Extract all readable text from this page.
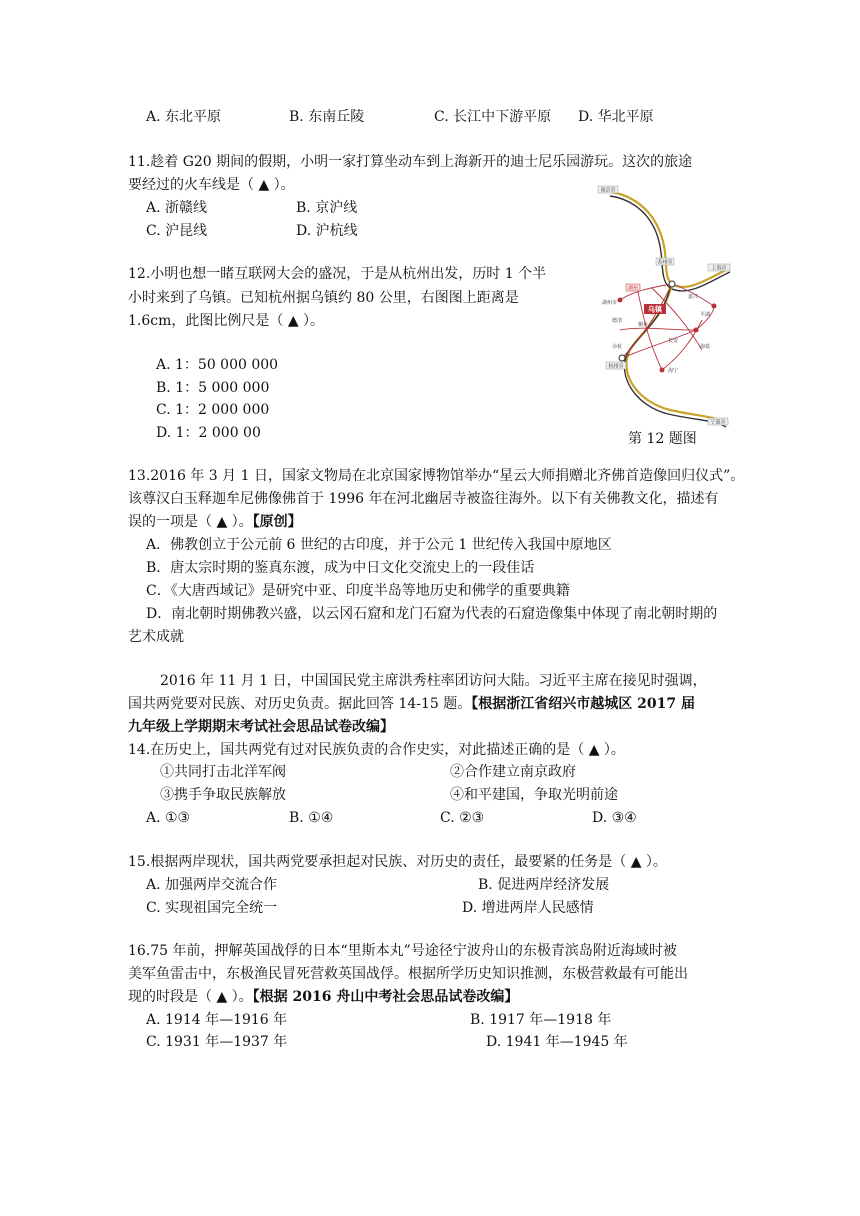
A. 东北平原	B. 东南丘陵	C. 长江中下游平原 D. 华北平原
11.趁着 G20 期间的假期，小明一家打算坐动车到上海新开的迪士尼乐园游玩。这次的旅途
要经过的火车线是（ ▲ ）。
A. 浙赣线	B. 京沪线
C. 沪昆线	D. 沪杭线
12.小明也想一睹互联网大会的盛况，于是从杭州出发，历时 1 个半
小时来到了乌镇。已知杭州据乌镇约 80 公里，右图图上距离是
1.6cm，此图比例尺是（ ▲ ）。
A. 1：50 000 000
B. 1：5 000 000
C. 1：2 000 000
D. 1：2 000 00
南京市
苏州市
上海市
湖州
乌镇
嘉兴
桐乡
杭州市
宁波市
湖州市
平湖
海宁
海盐
长安
余杭
德清
第 12 题图
13.2016 年 3 月 1 日，国家文物局在北京国家博物馆举办“星云大师捐赠北齐佛首造像回归仪式”。
该尊汉白玉释迦牟尼佛像佛首于 1996 年在河北幽居寺被盗往海外。以下有关佛教文化，描述有
误的一项是（ ▲ ）。【原创】
A．佛教创立于公元前 6 世纪的古印度，并于公元 1 世纪传入我国中原地区
B．唐太宗时期的鉴真东渡，成为中日文化交流史上的一段佳话
C．《大唐西域记》是研究中亚、印度半岛等地历史和佛学的重要典籍
D．南北朝时期佛教兴盛，以云冈石窟和龙门石窟为代表的石窟造像集中体现了南北朝时期的
艺术成就
2016 年 11 月 1 日，中国国民党主席洪秀柱率团访问大陆。习近平主席在接见时强调，
国共两党要对民族、对历史负责。据此回答 14-15 题。【根据浙江省绍兴市越城区 2017 届
九年级上学期期末考试社会思品试卷改编】
14.在历史上，国共两党有过对民族负责的合作史实，对此描述正确的是（ ▲ ）。
①共同打击北洋军阀	②合作建立南京政府
③携手争取民族解放	④和平建国，争取光明前途
A. ①③	B. ①④	C. ②③	D. ③④
15.根据两岸现状，国共两党要承担起对民族、对历史的责任，最要紧的任务是（ ▲ ）。
A. 加强两岸交流合作	B. 促进两岸经济发展
C. 实现祖国完全统一	D. 增进两岸人民感情
16.75 年前，押解英国战俘的日本“里斯本丸”号途径宁波舟山的东极青滨岛附近海域时被
美军鱼雷击中，东极渔民冒死营救英国战俘。根据所学历史知识推测，东极营救最有可能出
现的时段是（ ▲ ）。【根据 2016 舟山中考社会思品试卷改编】
A. 1914 年—1916 年	B. 1917 年—1918 年
C. 1931 年—1937 年	D. 1941 年—1945 年
